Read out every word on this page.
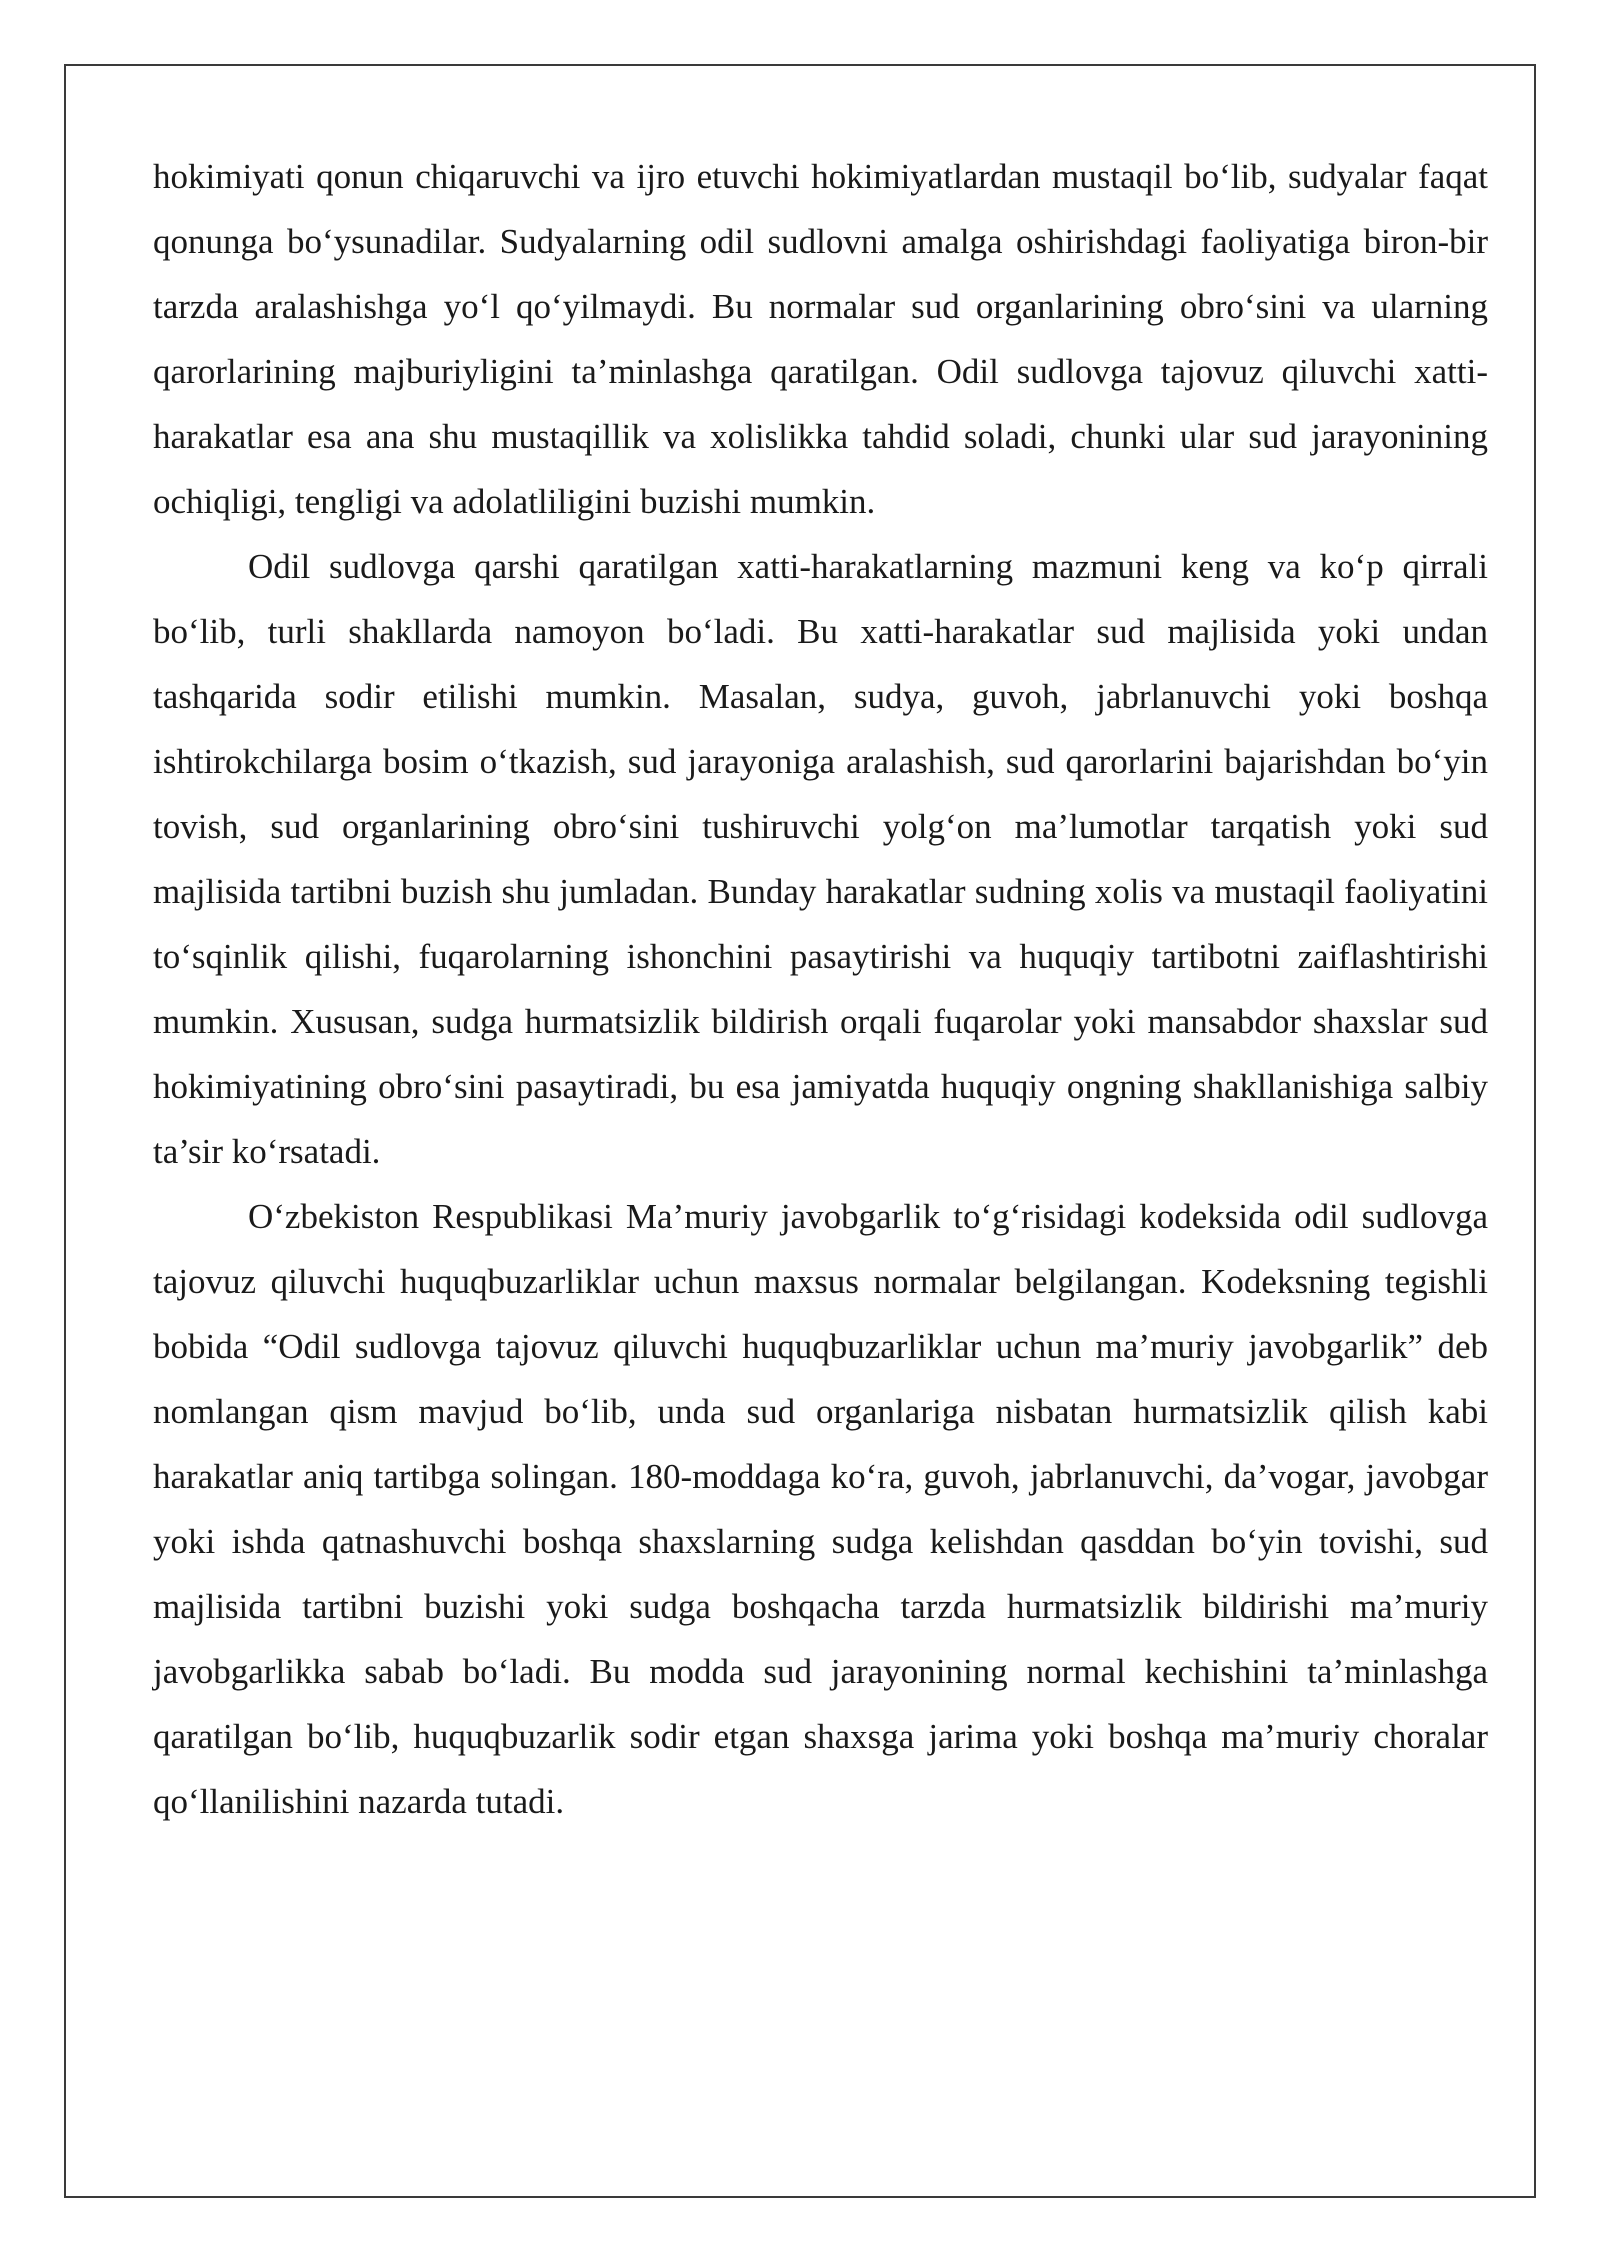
hokimiyati qonun chiqaruvchi va ijro etuvchi hokimiyatlardan mustaqil bo‘lib, sudyalar faqat qonunga bo‘ysunadilar. Sudyalarning odil sudlovni amalga oshirishdagi faoliyatiga biron-bir tarzda aralashishga yo‘l qo‘yilmaydi. Bu normalar sud organlarining obro‘sini va ularning qarorlarining majburiyligini ta’minlashga qaratilgan. Odil sudlovga tajovuz qiluvchi xatti-harakatlar esa ana shu mustaqillik va xolislikka tahdid soladi, chunki ular sud jarayonining ochiqligi, tengligi va adolatliligini buzishi mumkin.

Odil sudlovga qarshi qaratilgan xatti-harakatlarning mazmuni keng va ko‘p qirrali bo‘lib, turli shakllarda namoyon bo‘ladi. Bu xatti-harakatlar sud majlisida yoki undan tashqarida sodir etilishi mumkin. Masalan, sudya, guvoh, jabrlanuvchi yoki boshqa ishtirokchilarga bosim o‘tkazish, sud jarayoniga aralashish, sud qarorlarini bajarishdan bo‘yin tovish, sud organlarining obro‘sini tushiruvchi yolg‘on ma’lumotlar tarqatish yoki sud majlisida tartibni buzish shu jumladan. Bunday harakatlar sudning xolis va mustaqil faoliyatini to‘sqinlik qilishi, fuqarolarning ishonchini pasaytirishi va huquqiy tartibotni zaiflashtirishi mumkin. Xususan, sudga hurmatsizlik bildirish orqali fuqarolar yoki mansabdor shaxslar sud hokimiyatining obro‘sini pasaytiradi, bu esa jamiyatda huquqiy ongning shakllanishiga salbiy ta’sir ko‘rsatadi.

O‘zbekiston Respublikasi Ma’muriy javobgarlik to‘g‘risidagi kodeksida odil sudlovga tajovuz qiluvchi huquqbuzarliklar uchun maxsus normalar belgilangan. Kodeksning tegishli bobida “Odil sudlovga tajovuz qiluvchi huquqbuzarliklar uchun ma’muriy javobgarlik” deb nomlangan qism mavjud bo‘lib, unda sud organlariga nisbatan hurmatsizlik qilish kabi harakatlar aniq tartibga solingan. 180-moddaga ko‘ra, guvoh, jabrlanuvchi, da’vogar, javobgar yoki ishda qatnashuvchi boshqa shaxslarning sudga kelishdan qasddan bo‘yin tovishi, sud majlisida tartibni buzishi yoki sudga boshqacha tarzda hurmatsizlik bildirishi ma’muriy javobgarlikka sabab bo‘ladi. Bu modda sud jarayonining normal kechishini ta’minlashga qaratilgan bo‘lib, huquqbuzarlik sodir etgan shaxsga jarima yoki boshqa ma’muriy choralar qo‘llanilishini nazarda tutadi.
